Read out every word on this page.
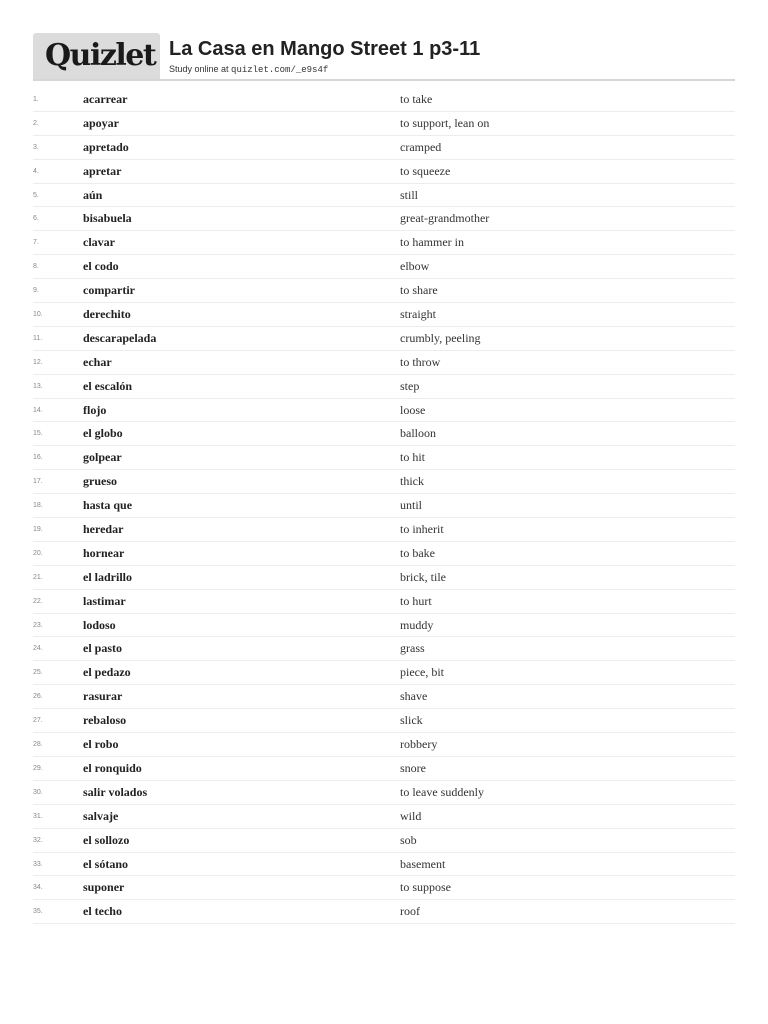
Quizlet La Casa en Mango Street 1 p3-11
Study online at quizlet.com/_e9s4f
1.	acarrear	to take
2.	apoyar	to support, lean on
3.	apretado	cramped
4.	apretar	to squeeze
5.	aún	still
6.	bisabuela	great-grandmother
7.	clavar	to hammer in
8.	el codo	elbow
9.	compartir	to share
10.	derechito	straight
11.	descarapelada	crumbly, peeling
12.	echar	to throw
13.	el escalón	step
14.	flojo	loose
15.	el globo	balloon
16.	golpear	to hit
17.	grueso	thick
18.	hasta que	until
19.	heredar	to inherit
20.	hornear	to bake
21.	el ladrillo	brick, tile
22.	lastimar	to hurt
23.	lodoso	muddy
24.	el pasto	grass
25.	el pedazo	piece, bit
26.	rasurar	shave
27.	rebaloso	slick
28.	el robo	robbery
29.	el ronquido	snore
30.	salir volados	to leave suddenly
31.	salvaje	wild
32.	el sollozo	sob
33.	el sótano	basement
34.	suponer	to suppose
35.	el techo	roof
